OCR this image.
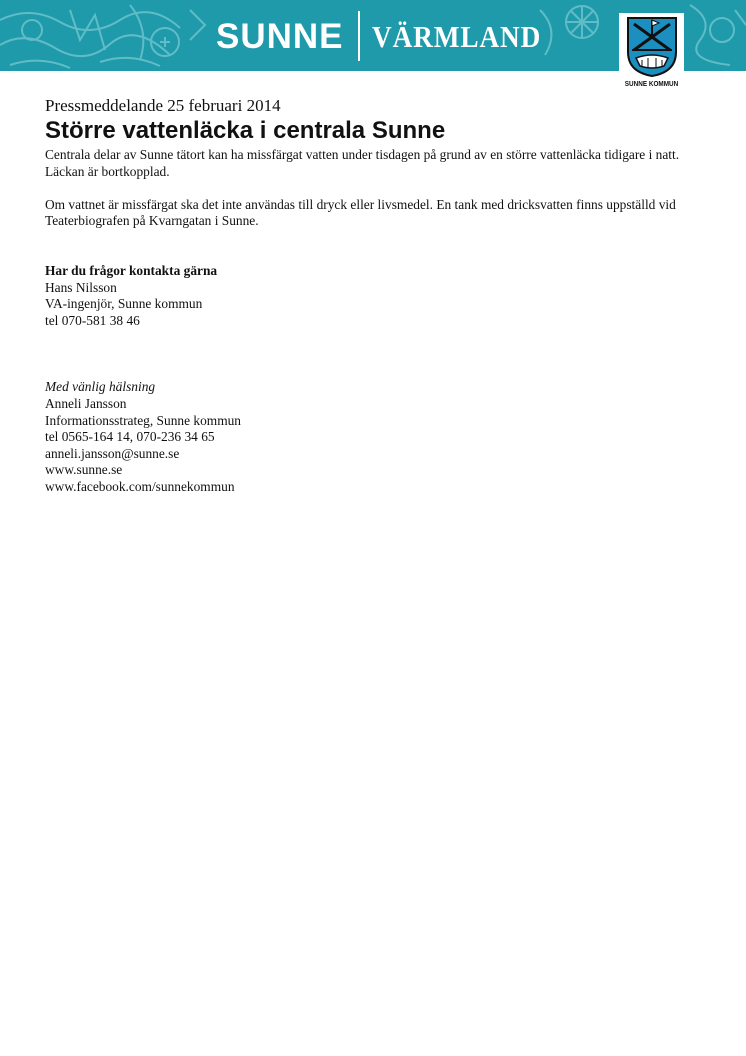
SUNNE VÄRMLAND
SUNNE KOMMUN

Pressmeddelande 25 februari 2014

Större vattenläcka i centrala Sunne

Centrala delar av Sunne tätort kan ha missfärgat vatten under tisdagen på grund av en större vattenläcka tidigare i natt. Läckan är bortkopplad.

Om vattnet är missfärgat ska det inte användas till dryck eller livsmedel. En tank med dricksvatten finns uppställd vid Teaterbiografen på Kvarngatan i Sunne.

Har du frågor kontakta gärna

Hans Nilsson

VA-ingenjör, Sunne kommun

tel 070-581 38 46

Med vänlig hälsning

Anneli Jansson

Informationsstrateg, Sunne kommun

tel 0565-164 14, 070-236 34 65

anneli.jansson@sunne.se

www.sunne.se

www.facebook.com/sunnekommun
